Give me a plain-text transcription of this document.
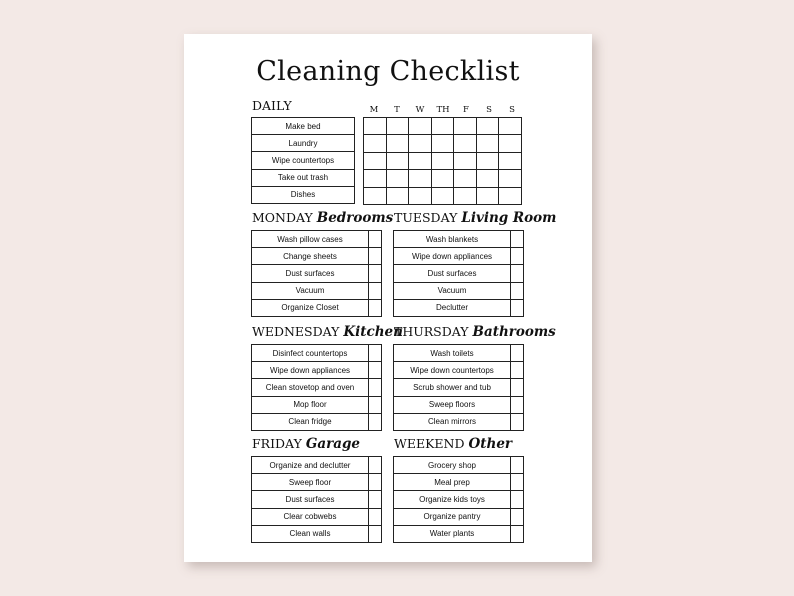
Cleaning Checklist
DAILY
Make bed
Laundry
Wipe countertops
Take out trash
Dishes
M	T	W	TH	F	S	S

MONDAY Bedrooms
Wash pillow cases	
Change sheets	
Dust surfaces	
Vacuum	
Organize Closet	
TUESDAY Living Room
Wash blankets	
Wipe down appliances	
Dust surfaces	
Vacuum	
Declutter	
WEDNESDAY Kitchen
Disinfect countertops	
Wipe down appliances	
Clean stovetop and oven	
Mop floor	
Clean fridge	
THURSDAY Bathrooms
Wash toilets	
Wipe down countertops	
Scrub shower and tub	
Sweep floors	
Clean mirrors	
FRIDAY Garage
Organize and declutter	
Sweep floor	
Dust surfaces	
Clear cobwebs	
Clean walls	
WEEKEND Other
Grocery shop	
Meal prep	
Organize kids toys	
Organize pantry	
Water plants	
